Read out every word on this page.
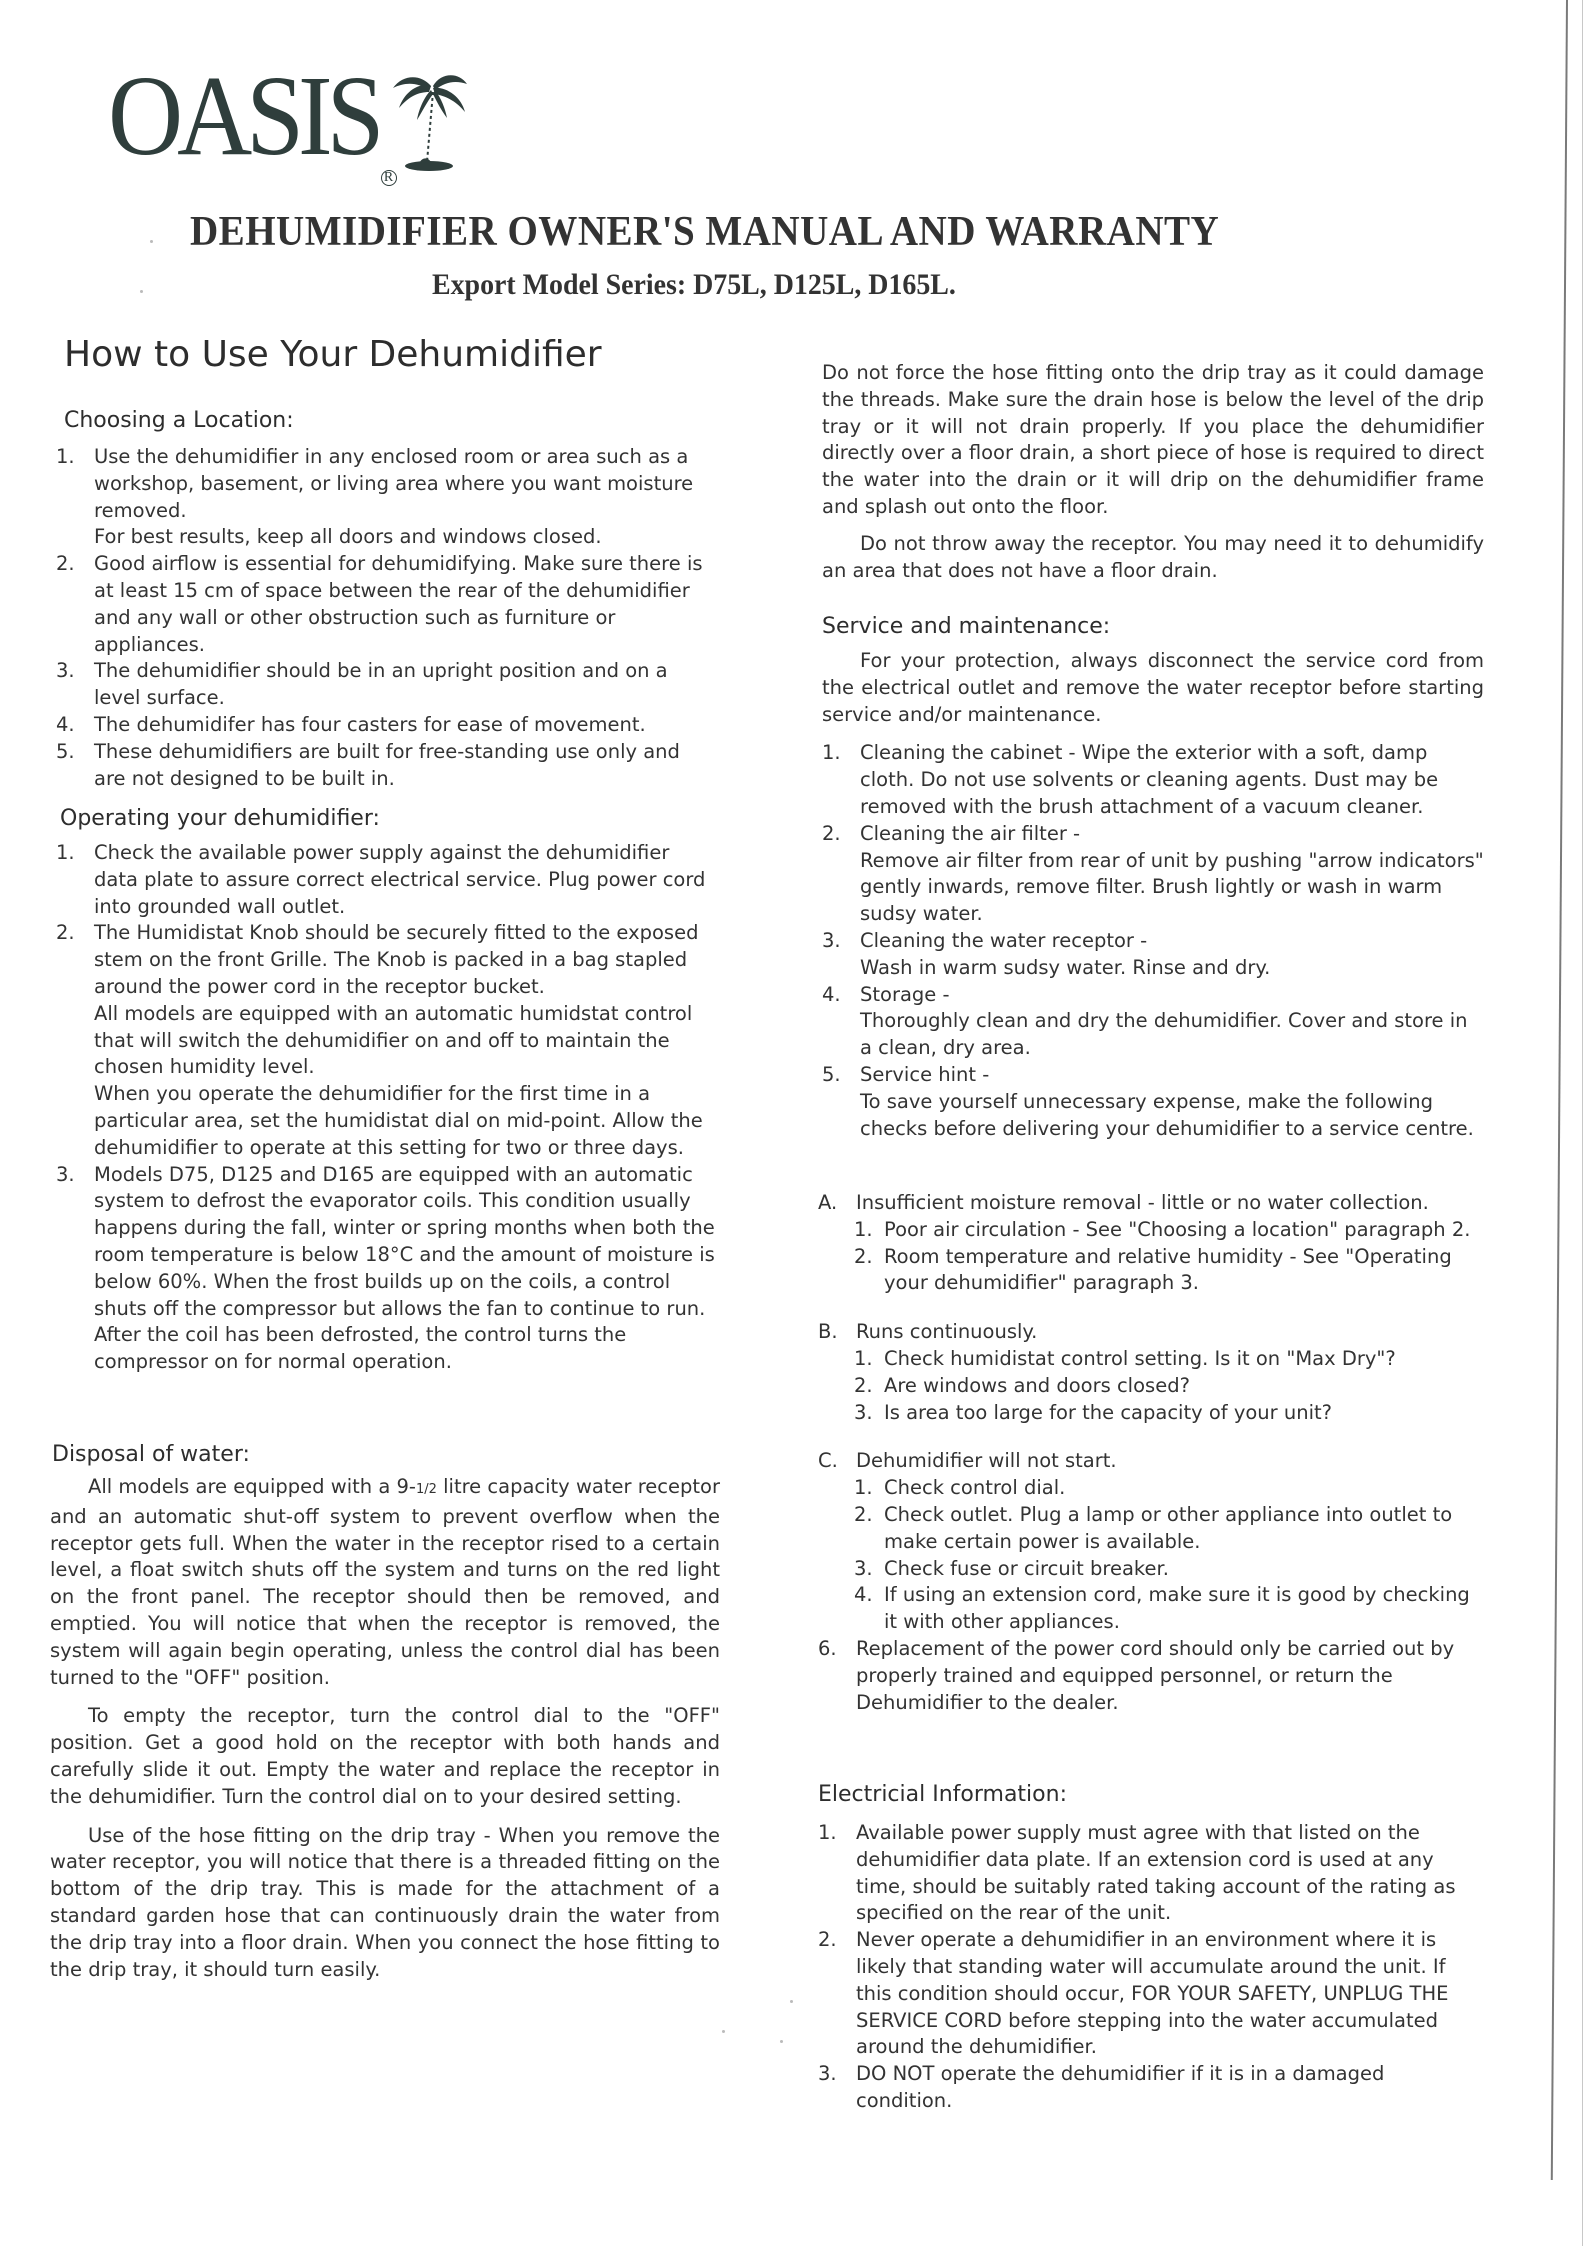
OASIS R
DEHUMIDIFIER OWNER'S MANUAL AND WARRANTY
Export Model Series: D75L, D125L, D165L.
How to Use Your Dehumidifier
Choosing a Location:
1. Use the dehumidifier in any enclosed room or area such as a workshop, basement, or living area where you want moisture removed.
For best results, keep all doors and windows closed.
2. Good airflow is essential for dehumidifying. Make sure there is at least 15 cm of space between the rear of the dehumidifier and any wall or other obstruction such as furniture or appliances.
3. The dehumidifier should be in an upright position and on a level surface.
4. The dehumidifer has four casters for ease of movement.
5. These dehumidifiers are built for free-standing use only and are not designed to be built in.
Operating your dehumidifier:
1. Check the available power supply against the dehumidifier data plate to assure correct electrical service. Plug power cord into grounded wall outlet.
2. The Humidistat Knob should be securely fitted to the exposed stem on the front Grille. The Knob is packed in a bag stapled around the power cord in the receptor bucket.
All models are equipped with an automatic humidstat control that will switch the dehumidifier on and off to maintain the chosen humidity level.
When you operate the dehumidifier for the first time in a particular area, set the humidistat dial on mid-point. Allow the dehumidifier to operate at this setting for two or three days.
3. Models D75, D125 and D165 are equipped with an automatic system to defrost the evaporator coils. This condition usually happens during the fall, winter or spring months when both the room temperature is below 18°C and the amount of moisture is below 60%. When the frost builds up on the coils, a control shuts off the compressor but allows the fan to continue to run. After the coil has been defrosted, the control turns the compressor on for normal operation.
Disposal of water:

All models are equipped with a 9-1/2 litre capacity water receptor and an automatic shut-off system to prevent overflow when the receptor gets full. When the water in the receptor rised to a certain level, a float switch shuts off the system and turns on the red light on the front panel. The receptor should then be removed, and emptied. You will notice that when the receptor is removed, the system will again begin operating, unless the control dial has been turned to the "OFF" position.

To empty the receptor, turn the control dial to the "OFF" position. Get a good hold on the receptor with both hands and carefully slide it out. Empty the water and replace the receptor in the dehumidifier. Turn the control dial on to your desired setting.

Use of the hose fitting on the drip tray - When you remove the water receptor, you will notice that there is a threaded fitting on the bottom of the drip tray. This is made for the attachment of a standard garden hose that can continuously drain the water from the drip tray into a floor drain. When you connect the hose fitting to the drip tray, it should turn easily.

Do not force the hose fitting onto the drip tray as it could damage the threads. Make sure the drain hose is below the level of the drip tray or it will not drain properly. If you place the dehumidifier directly over a floor drain, a short piece of hose is required to direct the water into the drain or it will drip on the dehumidifier frame and splash out onto the floor.

Do not throw away the receptor. You may need it to dehumidify an area that does not have a floor drain.

Service and maintenance:

For your protection, always disconnect the service cord from the electrical outlet and remove the water receptor before starting service and/or maintenance.

1. Cleaning the cabinet - Wipe the exterior with a soft, damp cloth. Do not use solvents or cleaning agents. Dust may be removed with the brush attachment of a vacuum cleaner.
2. Cleaning the air filter -
Remove air filter from rear of unit by pushing "arrow indicators" gently inwards, remove filter. Brush lightly or wash in warm sudsy water.
3. Cleaning the water receptor -
Wash in warm sudsy water. Rinse and dry.
4. Storage -
Thoroughly clean and dry the dehumidifier. Cover and store in a clean, dry area.
5. Service hint -
To save yourself unnecessary expense, make the following checks before delivering your dehumidifier to a service centre.
A. Insufficient moisture removal - little or no water collection.
1. Poor air circulation - See "Choosing a location" paragraph 2.
2. Room temperature and relative humidity - See "Operating your dehumidifier" paragraph 3.
B. Runs continuously.
1. Check humidistat control setting. Is it on "Max Dry"?
2. Are windows and doors closed?
3. Is area too large for the capacity of your unit?
C. Dehumidifier will not start.
1. Check control dial.
2. Check outlet. Plug a lamp or other appliance into outlet to make certain power is available.
3. Check fuse or circuit breaker.
4. If using an extension cord, make sure it is good by checking it with other appliances.
6. Replacement of the power cord should only be carried out by properly trained and equipped personnel, or return the Dehumidifier to the dealer.
Electricial Information:
1. Available power supply must agree with that listed on the dehumidifier data plate. If an extension cord is used at any time, should be suitably rated taking account of the rating as specified on the rear of the unit.
2. Never operate a dehumidifier in an environment where it is likely that standing water will accumulate around the unit. If this condition should occur, FOR YOUR SAFETY, UNPLUG THE SERVICE CORD before stepping into the water accumulated around the dehumidifier.
3. DO NOT operate the dehumidifier if it is in a damaged condition.
